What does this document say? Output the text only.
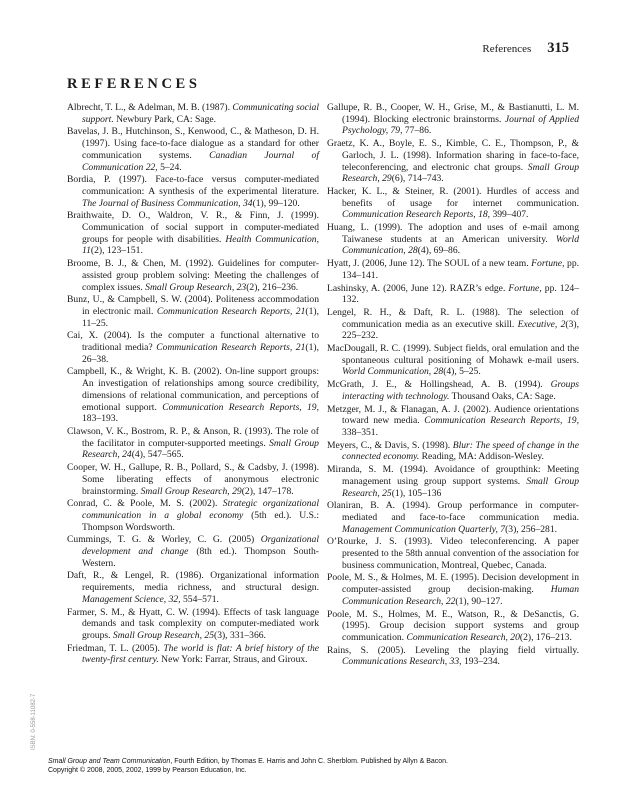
References 315
REFERENCES

Albrecht, T. L., & Adelman, M. B. (1987). Communicating social support. Newbury Park, CA: Sage.

Bavelas, J. B., Hutchinson, S., Kenwood, C., & Matheson, D. H. (1997). Using face-to-face dialogue as a standard for other communication systems. Canadian Journal of Communication 22, 5–24.

Bordia, P. (1997). Face-to-face versus computer-mediated communication: A synthesis of the experimental literature. The Journal of Business Communication, 34(1), 99–120.

Braithwaite, D. O., Waldron, V. R., & Finn, J. (1999). Communication of social support in computer-mediated groups for people with disabilities. Health Communication, 11(2), 123–151.

Broome, B. J., & Chen, M. (1992). Guidelines for computer-assisted group problem solving: Meeting the challenges of complex issues. Small Group Research, 23(2), 216–236.

Bunz, U., & Campbell, S. W. (2004). Politeness accommodation in electronic mail. Communication Research Reports, 21(1), 11–25.

Cai, X. (2004). Is the computer a functional alternative to traditional media? Communication Research Reports, 21(1), 26–38.

Campbell, K., & Wright, K. B. (2002). On-line support groups: An investigation of relationships among source credibility, dimensions of relational communication, and perceptions of emotional support. Communication Research Reports, 19, 183–193.

Clawson, V. K., Bostrom, R. P., & Anson, R. (1993). The role of the facilitator in computer-supported meetings. Small Group Research, 24(4), 547–565.

Cooper, W. H., Gallupe, R. B., Pollard, S., & Cadsby, J. (1998). Some liberating effects of anonymous electronic brainstorming. Small Group Research, 29(2), 147–178.

Conrad, C. & Poole, M. S. (2002). Strategic organizational communication in a global economy (5th ed.). U.S.: Thompson Wordsworth.

Cummings, T. G. & Worley, C. G. (2005) Organizational development and change (8th ed.). Thompson South-Western.

Daft, R., & Lengel, R. (1986). Organizational information requirements, media richness, and structural design. Management Science, 32, 554–571.

Farmer, S. M., & Hyatt, C. W. (1994). Effects of task language demands and task complexity on computer-mediated work groups. Small Group Research, 25(3), 331–366.

Friedman, T. L. (2005). The world is flat: A brief history of the twenty-first century. New York: Farrar, Straus, and Giroux.

Gallupe, R. B., Cooper, W. H., Grise, M., & Bastianutti, L. M. (1994). Blocking electronic brainstorms. Journal of Applied Psychology, 79, 77–86.

Graetz, K. A., Boyle, E. S., Kimble, C. E., Thompson, P., & Garloch, J. L. (1998). Information sharing in face-to-face, teleconferencing, and electronic chat groups. Small Group Research, 29(6), 714–743.

Hacker, K. L., & Steiner, R. (2001). Hurdles of access and benefits of usage for internet communication. Communication Research Reports, 18, 399–407.

Huang, L. (1999). The adoption and uses of e-mail among Taiwanese students at an American university. World Communication, 28(4), 69–86.

Hyatt, J. (2006, June 12). The SOUL of a new team. Fortune, pp. 134–141.

Lashinsky, A. (2006, June 12). RAZR’s edge. Fortune, pp. 124–132.

Lengel, R. H., & Daft, R. L. (1988). The selection of communication media as an executive skill. Executive, 2(3), 225–232.

MacDougall, R. C. (1999). Subject fields, oral emulation and the spontaneous cultural positioning of Mohawk e-mail users. World Communication, 28(4), 5–25.

McGrath, J. E., & Hollingshead, A. B. (1994). Groups interacting with technology. Thousand Oaks, CA: Sage.

Metzger, M. J., & Flanagan, A. J. (2002). Audience orientations toward new media. Communication Research Reports, 19, 338–351.

Meyers, C., & Davis, S. (1998). Blur: The speed of change in the connected economy. Reading, MA: Addison-Wesley.

Miranda, S. M. (1994). Avoidance of groupthink: Meeting management using group support systems. Small Group Research, 25(1), 105–136

Olaniran, B. A. (1994). Group performance in computer-mediated and face-to-face communication media. Management Communication Quarterly, 7(3), 256–281.

O’Rourke, J. S. (1993). Video teleconferencing. A paper presented to the 58th annual convention of the association for business communication, Montreal, Quebec, Canada.

Poole, M. S., & Holmes, M. E. (1995). Decision development in computer-assisted group decision-making. Human Communication Research, 22(1), 90–127.

Poole, M. S., Holmes, M. E., Watson, R., & DeSanctis, G. (1995). Group decision support systems and group communication. Communication Research, 20(2), 176–213.

Rains, S. (2005). Leveling the playing field virtually. Communications Research, 33, 193–234.

ISBN: 0-558-11082-7

Small Group and Team Communication, Fourth Edition, by Thomas E. Harris and John C. Sherblom. Published by Allyn & Bacon.

Copyright © 2008, 2005, 2002, 1999 by Pearson Education, Inc.
